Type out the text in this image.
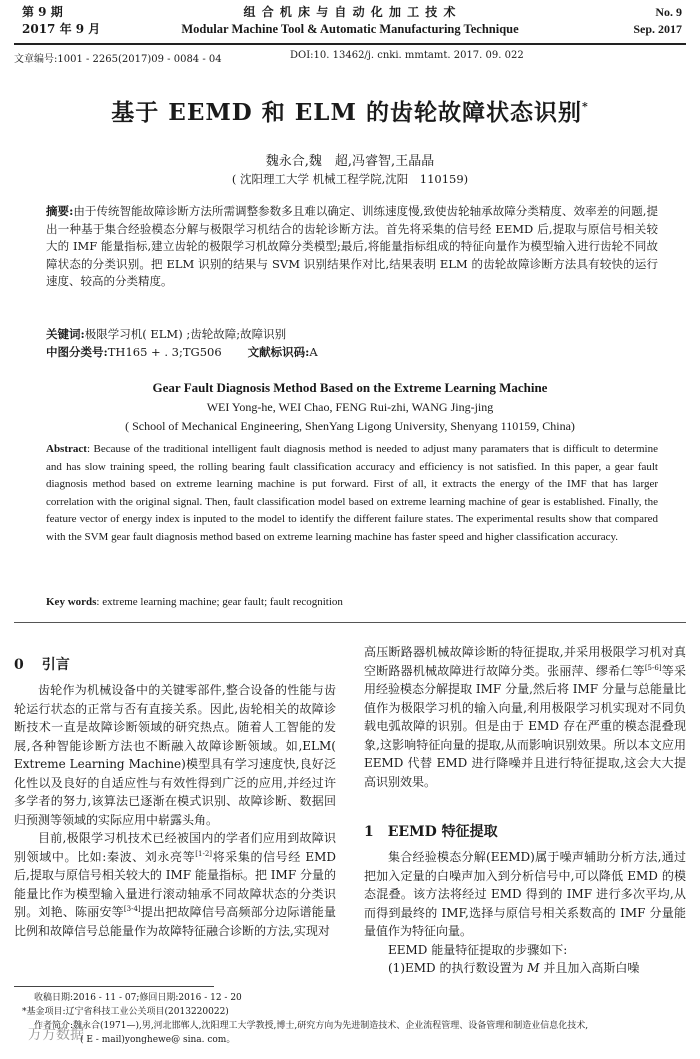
第 9 期
2017 年 9 月
组 合 机 床 与 自 动 化 加 工 技 术
Modular Machine Tool & Automatic Manufacturing Technique
No. 9
Sep. 2017
文章编号:1001 - 2265(2017)09 - 0084 - 04	DOI:10. 13462/j. cnki. mmtamt. 2017. 09. 022
基于 EEMD 和 ELM 的齿轮故障状态识别*
魏永合,魏　超,冯睿智,王晶晶
( 沈阳理工大学 机械工程学院,沈阳　110159)
摘要:由于传统智能故障诊断方法所需调整参数多且难以确定、训练速度慢,致使齿轮轴承故障分类精度、效率差的问题,提出一种基于集合经验模态分解与极限学习机结合的齿轮诊断方法。首先将采集的信号经 EEMD 后,提取与原信号相关较大的 IMF 能量指标,建立齿轮的极限学习机故障分类模型;最后,将能量指标组成的特征向量作为模型输入进行齿轮不同故障状态的分类识别。把 ELM 识别的结果与 SVM 识别结果作对比,结果表明 ELM 的齿轮故障诊断方法具有较快的运行速度、较高的分类精度。
关键词:极限学习机( ELM) ;齿轮故障;故障识别
中图分类号:TH165 + . 3;TG506 文献标识码:A
Gear Fault Diagnosis Method Based on the Extreme Learning Machine
WEI Yong-he, WEI Chao, FENG Rui-zhi, WANG Jing-jing
( School of Mechanical Engineering, ShenYang Ligong University, Shenyang 110159, China)
Abstract: Because of the traditional intelligent fault diagnosis method is needed to adjust many paramaters that is difficult to determine and has slow training speed, the rolling bearing fault classification accuracy and efficiency is not satisfied. In this paper, a gear fault diagnosis method based on extreme learning machine is put forward. First of all, it extracts the energy of the IMF that has larger correlation with the original signal. Then, fault classification model based on extreme learning machine of gear is established. Finally, the feature vector of energy index is inputed to the model to identify the different failure states. The experimental results show that compared with the SVM gear fault diagnosis method based on extreme learning machine has faster speed and higher classification accuracy.
Key words: extreme learning machine; gear fault; fault recognition
0 引言

齿轮作为机械设备中的关键零部件,整合设备的性能与齿轮运行状态的正常与否有直接关系。因此,齿轮相关的故障诊断技术一直是故障诊断领域的研究热点。随着人工智能的发展,各种智能诊断方法也不断融入故障诊断领域。如,ELM( Extreme Learning Machine)模型具有学习速度快,良好泛化性以及良好的自适应性与有效性得到广泛的应用,并经过许多学者的努力,该算法已逐渐在模式识别、故障诊断、数据回归预测等领域的实际应用中崭露头角。

目前,极限学习机技术已经被国内的学者们应用到故障识别领域中。比如:秦波、刘永亮等[1-2]将采集的信号经 EMD 后,提取与原信号相关较大的 IMF 能量指标。把 IMF 分量的能量比作为模型输入量进行滚动轴承不同故障状态的分类识别。刘艳、陈丽安等[3-4]提出把故障信号高频部分边际谱能量比例和故障信号总能量作为故障特征融合诊断的方法,实现对

高压断路器机械故障诊断的特征提取,并采用极限学习机对真空断路器机械故障进行故障分类。张丽萍、缪希仁等[5-6]等采用经验模态分解提取 IMF 分量,然后将 IMF 分量与总能量比值作为极限学习机的输入向量,利用极限学习机实现对不同负载电弧故障的识别。但是由于 EMD 存在严重的模态混叠现象,这影响特征向量的提取,从而影响识别效果。所以本文应用 EEMD 代替 EMD 进行降噪并且进行特征提取,这会大大提高识别效果。

1 EEMD 特征提取

集合经验模态分解(EEMD)属于噪声辅助分析方法,通过把加入定量的白噪声加入到分析信号中,可以降低 EMD 的模态混叠。该方法将经过 EMD 得到的 IMF 进行多次平均,从而得到最终的 IMF,选择与原信号相关系数高的 IMF 分量能量值作为特征向量。

EEMD 能量特征提取的步骤如下:

(1)EMD 的执行数设置为 M 并且加入高斯白噪

收稿日期:2016 - 11 - 07;修回日期:2016 - 12 - 20
*基金项目:辽宁省科技工业公关项目(2013220022)
作者简介:魏永合(1971—),男,河北邯郸人,沈阳理工大学教授,博士,研究方向为先进制造技术、企业流程管理、设备管理和制造业信息化技术,
( E - mail)yonghewe@ sina. com。
万方数据
